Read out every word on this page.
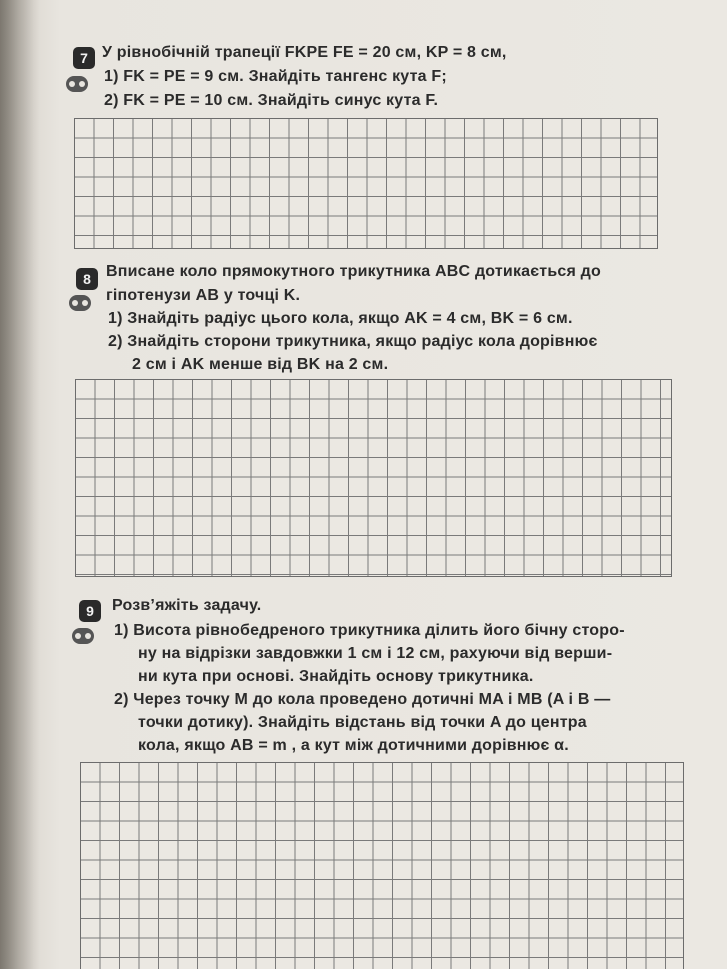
7 У рівнобічній трапеції FKPE FE = 20 см, KP = 8 см,
1) FK = PE = 9 см. Знайдіть тангенс кута F;
2) FK = PE = 10 см. Знайдіть синус кута F.
8 Вписане коло прямокутного трикутника ABC дотикається до
гіпотенузи AB у точці K.
1) Знайдіть радіус цього кола, якщо AK = 4 см, BK = 6 см.
2) Знайдіть сторони трикутника, якщо радіус кола дорівнює
2 см і AK менше від BK на 2 см.
9	Розв’яжіть задачу.
1) Висота рівнобедреного трикутника ділить його бічну сторо-
ну на відрізки завдовжки 1 см і 12 см, рахуючи від верши-
ни кута при основі. Знайдіть основу трикутника.
2) Через точку M до кола проведено дотичні MA і MB (A і B —
точки дотику). Знайдіть відстань від точки A до центра
кола, якщо AB = m , а кут між дотичними дорівнює α.
